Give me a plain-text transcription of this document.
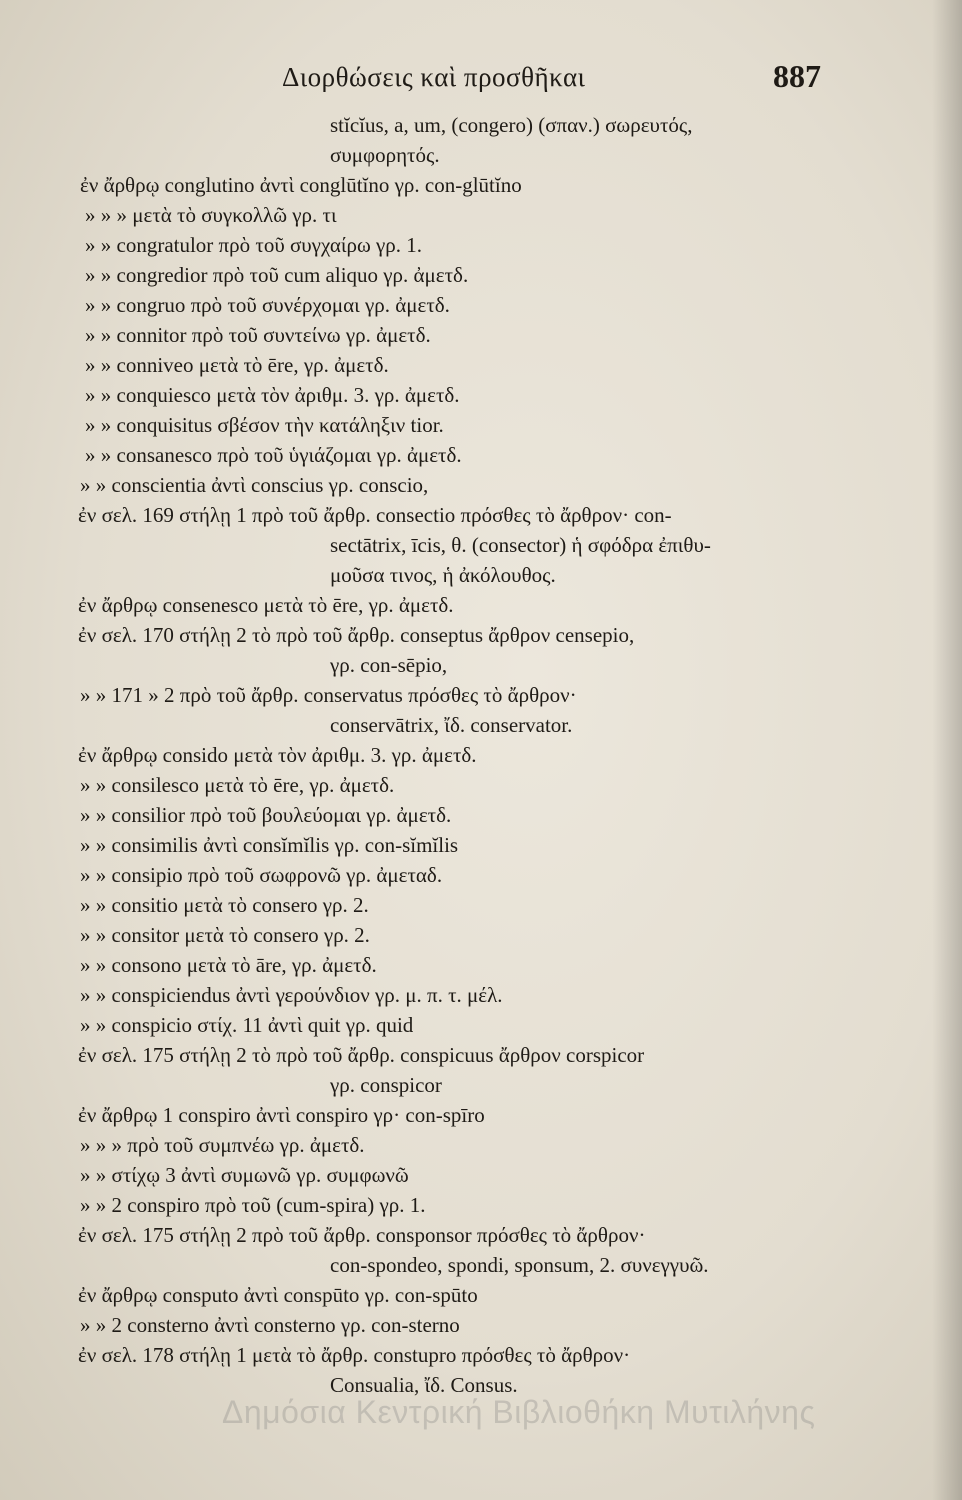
Διορθώσεις καὶ προσθῆκαι	887
stĭcĭus, a, um, (congero) (σπαν.) σωρευτός,
συμφορητός.
ἐν ἄρθρῳ conglutino ἀντὶ conglūtĭno γρ. con-glūtĭno
» » » μετὰ τὸ συγκολλῶ γρ. τι
» » congratulor πρὸ τοῦ συγχαίρω γρ. 1.
» » congredior πρὸ τοῦ cum aliquo γρ. ἀμετδ.
» » congruo πρὸ τοῦ συνέρχομαι γρ. ἀμετδ.
» » connitor πρὸ τοῦ συντείνω γρ. ἀμετδ.
» » conniveo μετὰ τὸ ēre, γρ. ἀμετδ.
» » conquiesco μετὰ τὸν ἀριθμ. 3. γρ. ἀμετδ.
» » conquisitus σβέσον τὴν κατάληξιν tior.
» » consanesco πρὸ τοῦ ὑγιάζομαι γρ. ἀμετδ.
» » conscientia ἀντὶ conscius γρ. conscio,
ἐν σελ. 169 στήλῃ 1 πρὸ τοῦ ἄρθρ. consectio πρόσθες τὸ ἄρθρον· con-
sectātrix, īcis, θ. (consector) ἡ σφόδρα ἐπιθυ-
μοῦσα τινος, ἡ ἀκόλουθος.
ἐν ἄρθρῳ consenesco μετὰ τὸ ēre, γρ. ἀμετδ.
ἐν σελ. 170 στήλῃ 2 τὸ πρὸ τοῦ ἄρθρ. conseptus ἄρθρον censepio,
γρ. con-sēpio,
» » 171 » 2 πρὸ τοῦ ἄρθρ. conservatus πρόσθες τὸ ἄρθρον·
conservātrix, ἴδ. conservator.
ἐν ἄρθρῳ consido μετὰ τὸν ἀριθμ. 3. γρ. ἀμετδ.
» » consilesco μετὰ τὸ ēre, γρ. ἀμετδ.
» » consilior πρὸ τοῦ βουλεύομαι γρ. ἀμετδ.
» » consimilis ἀντὶ consĭmĭlis γρ. con-sĭmĭlis
» » consipio πρὸ τοῦ σωφρονῶ γρ. ἀμεταδ.
» » consitio μετὰ τὸ consero γρ. 2.
» » consitor μετὰ τὸ consero γρ. 2.
» » consono μετὰ τὸ āre, γρ. ἀμετδ.
» » conspiciendus ἀντὶ γερούνδιον γρ. μ. π. τ. μέλ.
» » conspicio στίχ. 11 ἀντὶ quit γρ. quid
ἐν σελ. 175 στήλῃ 2 τὸ πρὸ τοῦ ἄρθρ. conspicuus ἄρθρον corspicor
γρ. conspicor
ἐν ἄρθρῳ 1 conspiro ἀντὶ conspiro γρ· con-spīro
» » » πρὸ τοῦ συμπνέω γρ. ἀμετδ.
» » στίχῳ 3 ἀντὶ συμωνῶ γρ. συμφωνῶ
» » 2 conspiro πρὸ τοῦ (cum-spira) γρ. 1.
ἐν σελ. 175 στήλῃ 2 πρὸ τοῦ ἄρθρ. consponsor πρόσθες τὸ ἄρθρον·
con-spondeo, spondi, sponsum, 2. συνεγγυῶ.
ἐν ἄρθρῳ consputo ἀντὶ conspūto γρ. con-spūto
» » 2 consterno ἀντὶ consterno γρ. con-sterno
ἐν σελ. 178 στήλῃ 1 μετὰ τὸ ἄρθρ. constupro πρόσθες τὸ ἄρθρον·
Consualia, ἴδ. Consus.
Δημόσια Κεντρική Βιβλιοθήκη Μυτιλήνης
